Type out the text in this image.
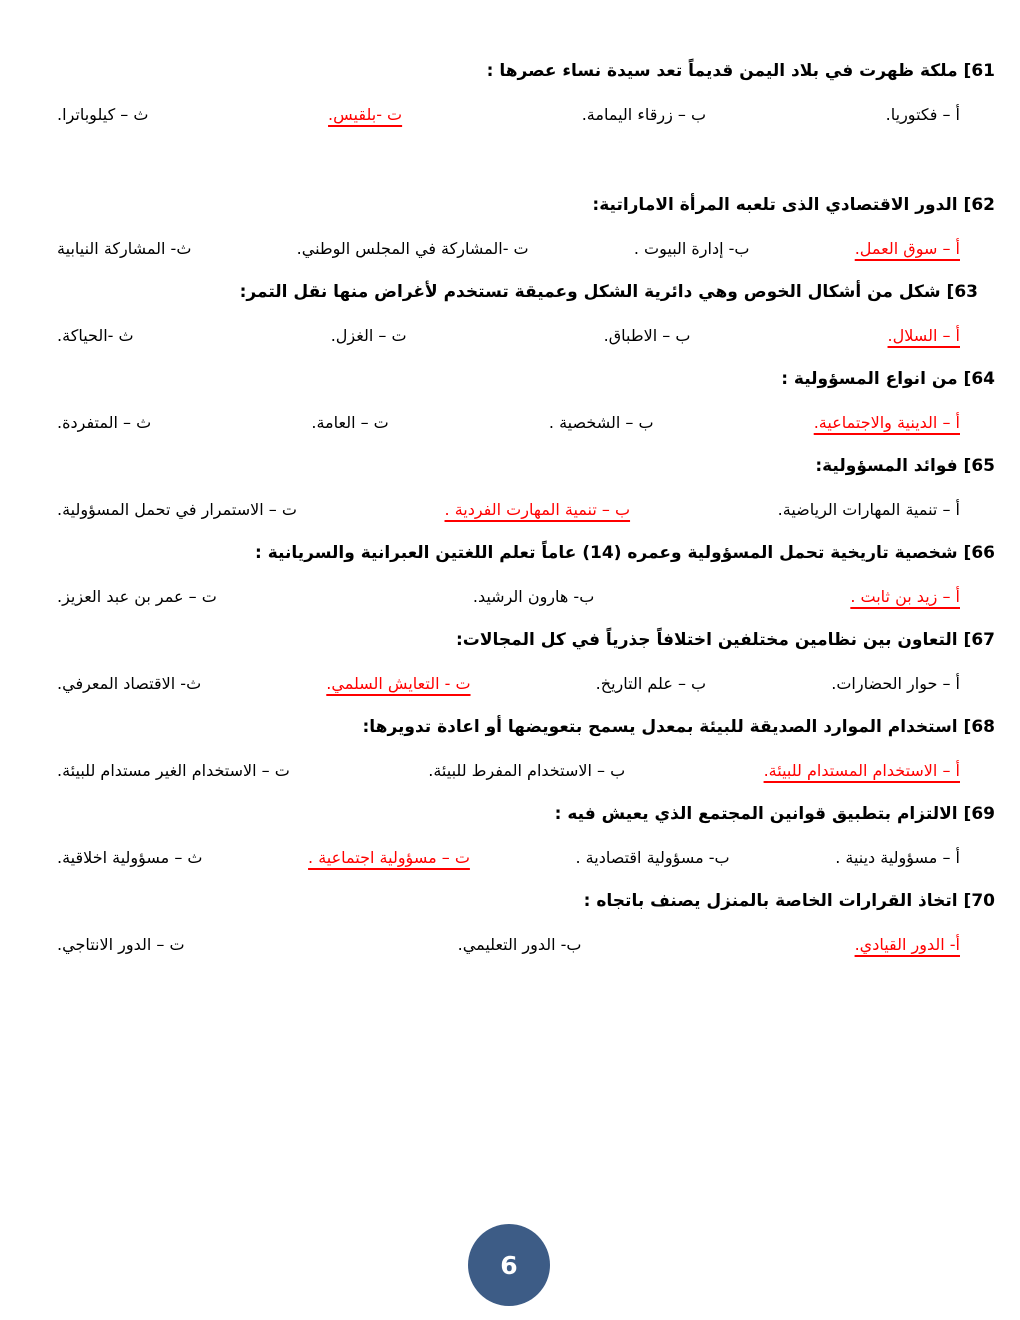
61] ملكة ظهرت في بلاد اليمن قديماً تعد سيدة نساء عصرها :
أ – فكتوريا.
ب – زرقاء اليمامة.
ت -بلقيس.
ث – كيلوباترا.
62] الدور الاقتصادي الذى تلعبه المرأة الاماراتية:
أ – سوق العمل.
ب- إدارة البيوت .
ت -المشاركة في المجلس الوطني.
ث- المشاركة النيابية
63] شكل من أشكال الخوص وهي دائرية الشكل وعميقة تستخدم لأغراض منها نقل التمر:
أ – السلال.
ب – الاطباق.
ت – الغزل.
ث -الحياكة.
64] من انواع المسؤولية :
أ – الدينية والاجتماعية.
ب – الشخصية .
ت – العامة.
ث – المتفردة.
65] فوائد المسؤولية:
أ – تنمية المهارات الرياضية.
ب – تنمية المهارت الفردية .
ت – الاستمرار في تحمل المسؤولية.
66] شخصية تاريخية تحمل المسؤولية وعمره (14) عاماً تعلم اللغتين العبرانية والسريانية :
أ – زيد بن ثابت .
ب- هارون الرشيد.
ت – عمر بن عبد العزيز.
67] التعاون بين نظامين مختلفين اختلافاً جذرياً في كل المجالات:
أ – حوار الحضارات.
ب – علم التاريخ.
ت - التعايش السلمي.
ث- الاقتصاد المعرفي.
68] استخدام الموارد الصديقة للبيئة بمعدل يسمح بتعويضها أو اعادة تدويرها:
أ – الاستخدام المستدام للبيئة.
ب – الاستخدام المفرط للبيئة.
ت – الاستخدام الغير مستدام للبيئة.
69] الالتزام بتطبيق قوانين المجتمع الذي يعيش فيه :
أ – مسؤولية دينية .
ب- مسؤولية اقتصادية .
ت – مسؤولية اجتماعية .
ث – مسؤولية اخلاقية.
70] اتخاذ القرارات الخاصة بالمنزل يصنف باتجاه :
أ- الدور القيادي.
ب- الدور التعليمي.
ت – الدور الانتاجي.
6
